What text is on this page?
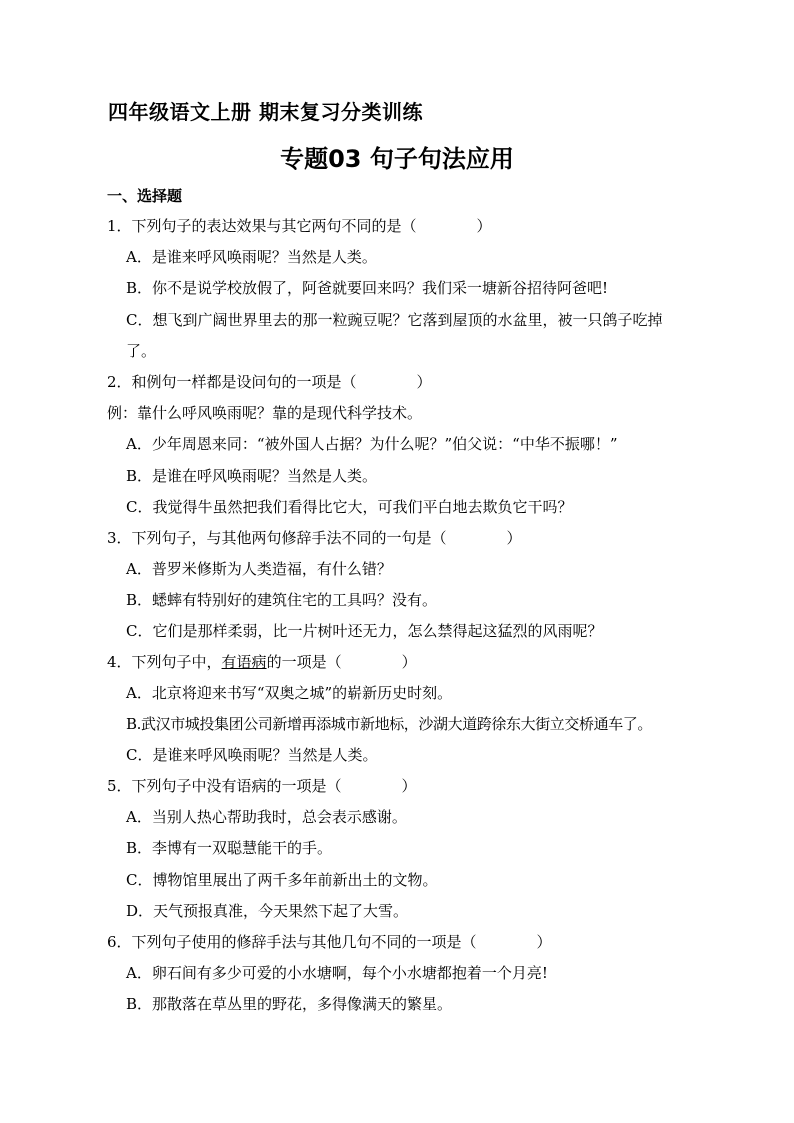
四年级语文上册 期末复习分类训练
专题03 句子句法应用
一、选择题
1．下列句子的表达效果与其它两句不同的是（　　　　）
A．是谁来呼风唤雨呢？当然是人类。
B．你不是说学校放假了，阿爸就要回来吗？我们采一塘新谷招待阿爸吧!
C．想飞到广阔世界里去的那一粒豌豆呢？它落到屋顶的水盆里，被一只鸽子吃掉
了。
2．和例句一样都是设问句的一项是（　　　　）
例：靠什么呼风唤雨呢？靠的是现代科学技术。
A．少年周恩来同：“被外国人占据？为什么呢？”伯父说：“中华不振哪！”
B．是谁在呼风唤雨呢？当然是人类。
C．我觉得牛虽然把我们看得比它大，可我们平白地去欺负它干吗？
3．下列句子，与其他两句修辞手法不同的一句是（　　　　）
A．普罗米修斯为人类造福，有什么错？
B．蟋蟀有特别好的建筑住宅的工具吗？没有。
C．它们是那样柔弱，比一片树叶还无力，怎么禁得起这猛烈的风雨呢？
4．下列句子中，有语病的一项是（　　　　）
A．北京将迎来书写“双奥之城”的崭新历史时刻。
B.武汉市城投集团公司新增再添城市新地标，沙湖大道跨徐东大街立交桥通车了。
C．是谁来呼风唤雨呢？当然是人类。
5．下列句子中没有语病的一项是（　　　　）
A．当别人热心帮助我时，总会表示感谢。
B．李博有一双聪慧能干的手。
C．博物馆里展出了两千多年前新出土的文物。
D．天气预报真准，今天果然下起了大雪。
6．下列句子使用的修辞手法与其他几句不同的一项是（　　　　）
A．卵石间有多少可爱的小水塘啊，每个小水塘都抱着一个月亮!
B．那散落在草丛里的野花，多得像满天的繁星。
